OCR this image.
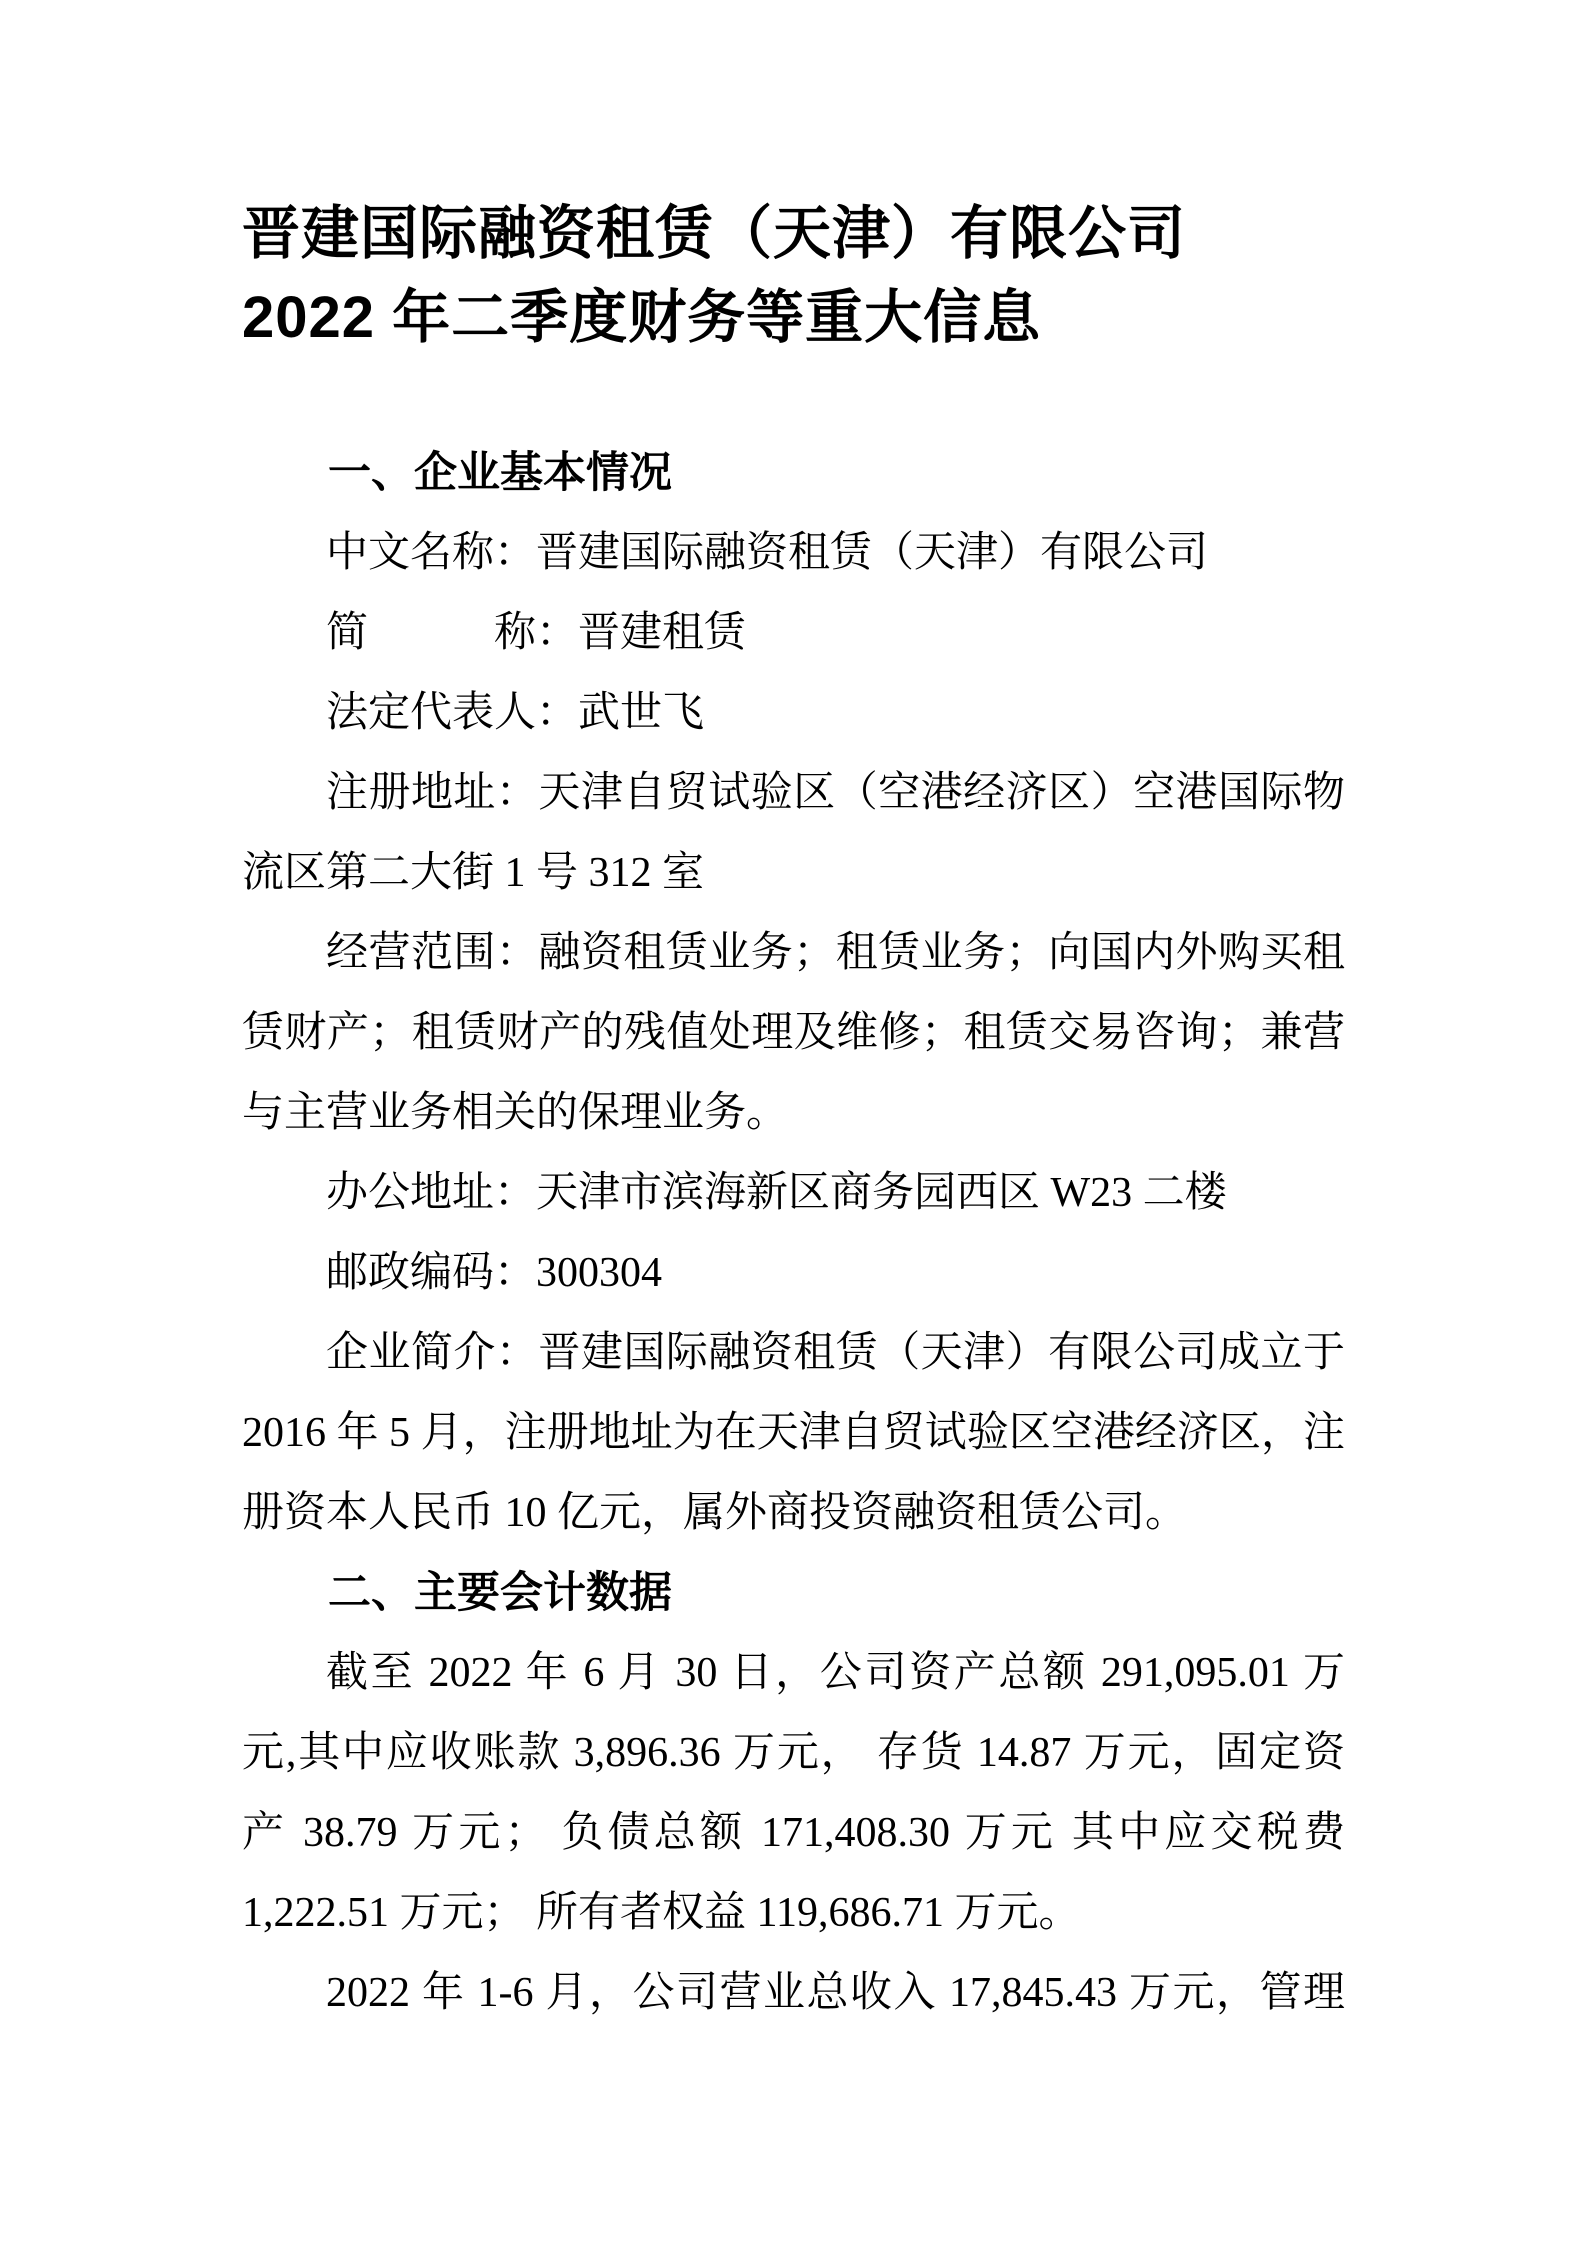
晋建国际融资租赁（天津）有限公司
2022 年二季度财务等重大信息
一、企业基本情况
中文名称：晋建国际融资租赁（天津）有限公司
简　　　称：晋建租赁
法定代表人：武世飞
注册地址：天津自贸试验区（空港经济区）空港国际物
流区第二大街 1 号 312 室
经营范围：融资租赁业务；租赁业务；向国内外购买租
赁财产；租赁财产的残值处理及维修；租赁交易咨询；兼营
与主营业务相关的保理业务。
办公地址：天津市滨海新区商务园西区 W23 二楼
邮政编码：300304
企业简介：晋建国际融资租赁（天津）有限公司成立于
2016 年 5 月，注册地址为在天津自贸试验区空港经济区，注
册资本人民币 10 亿元，属外商投资融资租赁公司。
二、主要会计数据
截至 2022 年 6 月 30 日，公司资产总额 291,095.01 万
元,其中应收账款 3,896.36 万元， 存货 14.87 万元，固定资
产 38.79 万元； 负债总额 171,408.30 万元 其中应交税费
1,222.51 万元； 所有者权益 119,686.71 万元。
2022 年 1-6 月，公司营业总收入 17,845.43 万元，管理
